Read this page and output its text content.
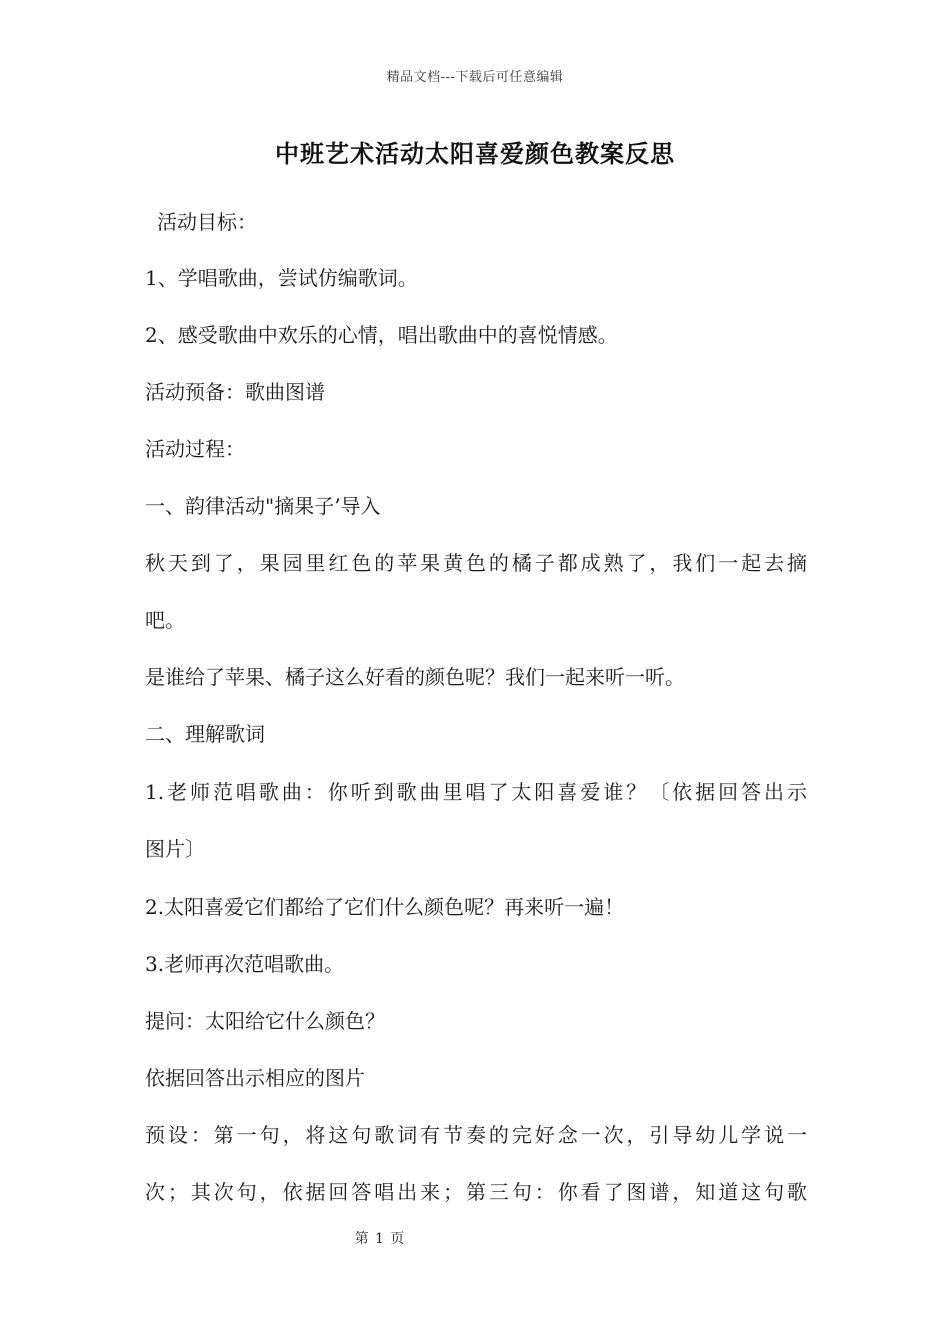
精品文档---下载后可任意编辑
中班艺术活动太阳喜爱颜色教案反思
活动目标：
1、学唱歌曲，尝试仿编歌词。
2、感受歌曲中欢乐的心情，唱出歌曲中的喜悦情感。
活动预备：歌曲图谱
活动过程：
一、韵律活动"摘果子’导入
秋天到了，果园里红色的苹果黄色的橘子都成熟了，我们一起去摘
吧。
是谁给了苹果、橘子这么好看的颜色呢？我们一起来听一听。
二、理解歌词
1.老师范唱歌曲：你听到歌曲里唱了太阳喜爱谁？〔依据回答出示
图片〕
2.太阳喜爱它们都给了它们什么颜色呢？再来听一遍！
3.老师再次范唱歌曲。
提问：太阳给它什么颜色？
依据回答出示相应的图片
预设：第一句，将这句歌词有节奏的完好念一次，引导幼儿学说一
次；其次句，依据回答唱出来；第三句：你看了图谱，知道这句歌
第 1 页
